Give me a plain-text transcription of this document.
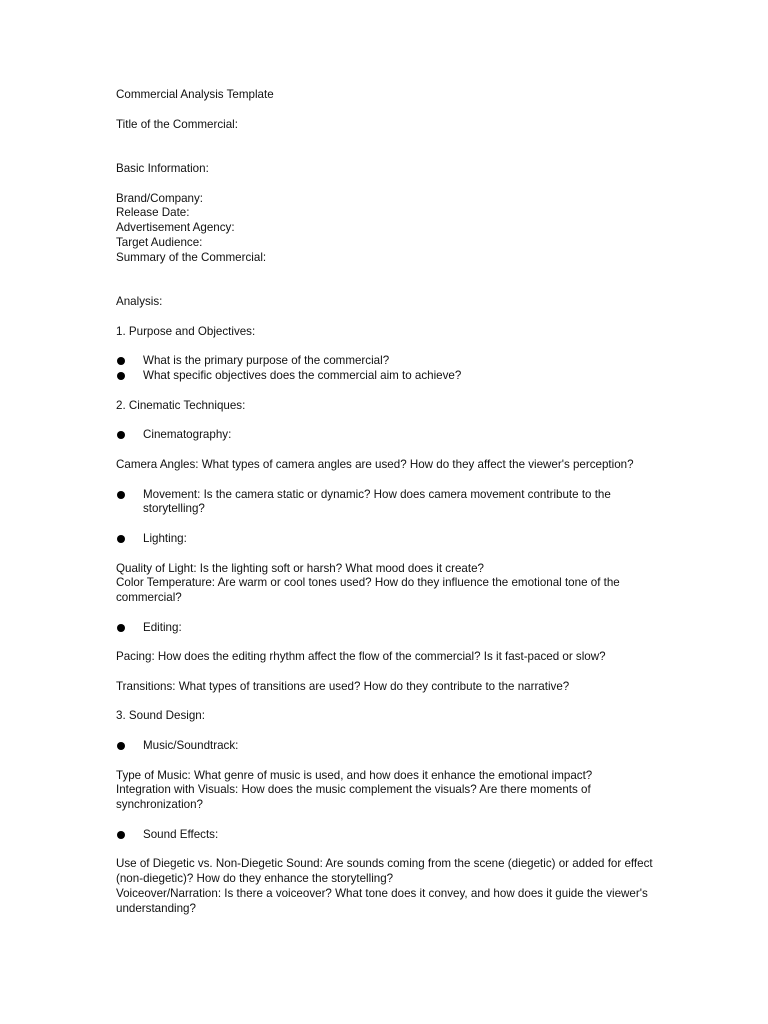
Commercial Analysis Template

Title of the Commercial:

Basic Information:

Brand/Company:

Release Date:

Advertisement Agency:

Target Audience:

Summary of the Commercial:

Analysis:

1. Purpose and Objectives:

What is the primary purpose of the commercial?
What specific objectives does the commercial aim to achieve?

2. Cinematic Techniques:

Cinematography:

Camera Angles: What types of camera angles are used? How do they affect the viewer's perception?

Movement: Is the camera static or dynamic? How does camera movement contribute to the storytelling?
Lighting:

Quality of Light: Is the lighting soft or harsh? What mood does it create?

Color Temperature: Are warm or cool tones used? How do they influence the emotional tone of the commercial?

Editing:

Pacing: How does the editing rhythm affect the flow of the commercial? Is it fast-paced or slow?

Transitions: What types of transitions are used? How do they contribute to the narrative?

3. Sound Design:

Music/Soundtrack:

Type of Music: What genre of music is used, and how does it enhance the emotional impact?

Integration with Visuals: How does the music complement the visuals? Are there moments of synchronization?

Sound Effects:

Use of Diegetic vs. Non-Diegetic Sound: Are sounds coming from the scene (diegetic) or added for effect (non-diegetic)? How do they enhance the storytelling?

Voiceover/Narration: Is there a voiceover? What tone does it convey, and how does it guide the viewer's understanding?
